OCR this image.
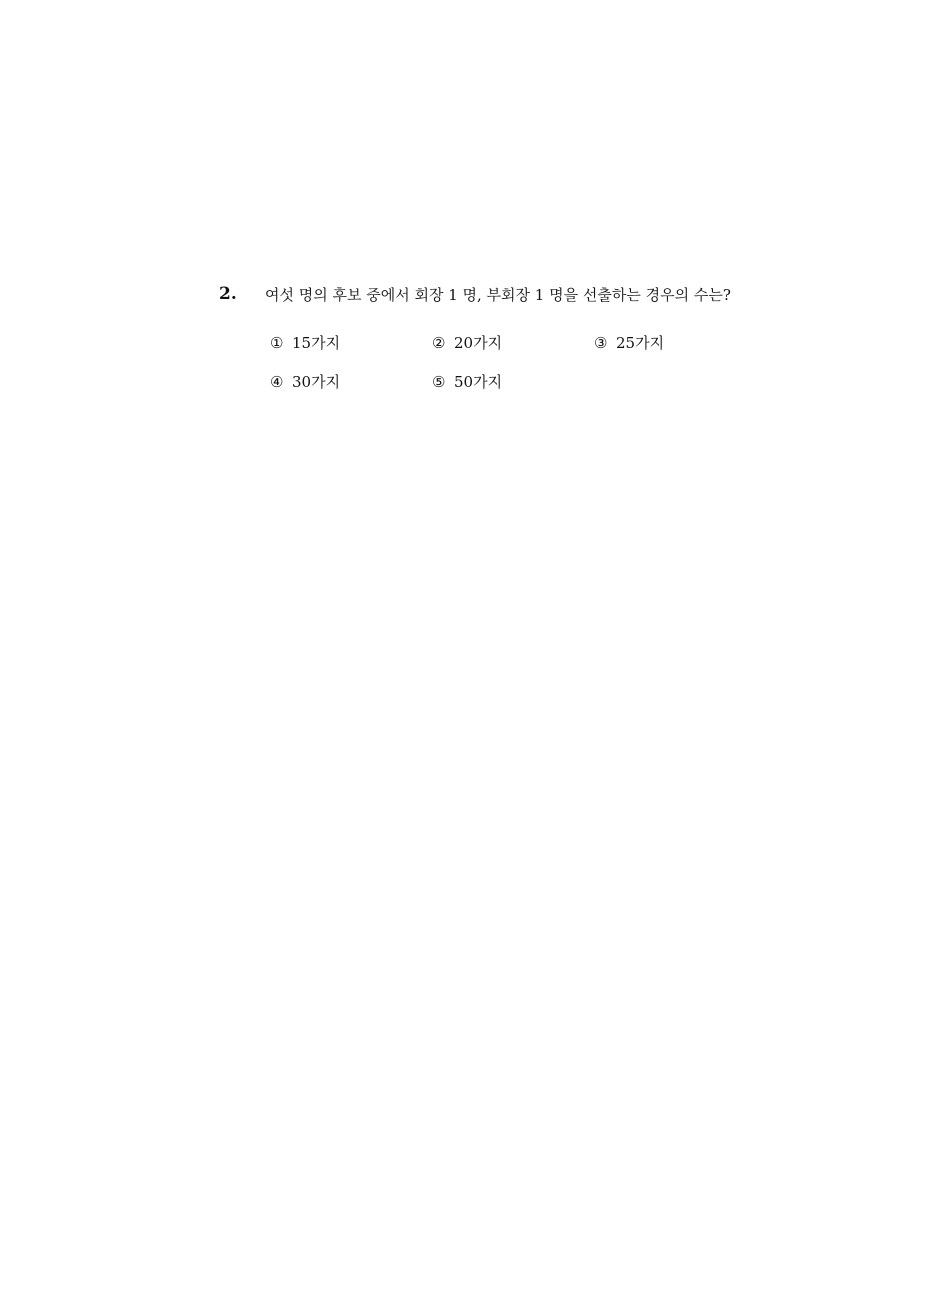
2. 여섯 명의 후보 중에서 회장 1 명, 부회장 1 명을 선출하는 경우의 수는?
① 15가지	② 20가지	③ 25가지
④ 30가지	⑤ 50가지
